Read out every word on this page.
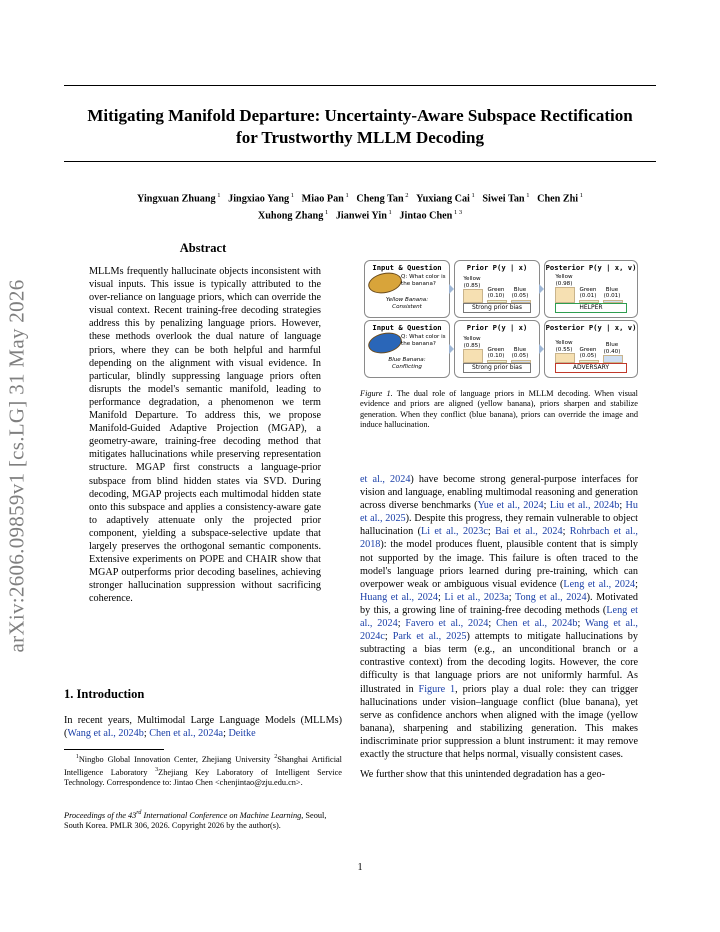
arXiv:2606.09859v1 [cs.LG] 31 May 2026
Mitigating Manifold Departure: Uncertainty-Aware Subspace Rectification
for Trustworthy MLLM Decoding
Yingxuan Zhuang $^1$ Jingxiao Yang $^1$ Miao Pan $^1$ Cheng Tan $^2$ Yuxiang Cai $^1$ Siwei Tan $^1$ Chen Zhi $^1$
Xuhong Zhang $^1$ Jianwei Yin $^1$ Jintao Chen $^{1 3}$
Abstract
MLLMs frequently hallucinate objects inconsistent with visual inputs. This issue is typically attributed to the over-reliance on language priors, which can override the visual context. Recent training-free decoding strategies address this by penalizing language priors. However, these methods overlook the dual nature of language priors, where they can be both helpful and harmful depending on the alignment with visual evidence. In particular, blindly suppressing language priors often disrupts the model's semantic manifold, leading to performance degradation, a phenomenon we term Manifold Departure. To address this, we propose Manifold-Guided Adaptive Projection (MGAP), a geometry-aware, training-free decoding method that mitigates hallucinations while preserving representation structure. MGAP first constructs a language-prior subspace from blind hidden states via SVD. During decoding, MGAP projects each multimodal hidden state onto this subspace and applies a consistency-aware gate to adaptively attenuate only the projected prior component, yielding a subspace-selective update that largely preserves the orthogonal semantic components. Extensive experiments on POPE and CHAIR show that MGAP outperforms prior decoding baselines, achieving stronger hallucination suppression without sacrificing coherence.
1. Introduction
In recent years, Multimodal Large Language Models (MLLMs) (Wang et al., 2024b; Chen et al., 2024a; Deitke
$^1$Ningbo Global Innovation Center, Zhejiang University $^2$Shanghai Artificial Intelligence Laboratory $^3$Zhejiang Key Laboratory of Intelligent Service Technology. Correspondence to: Jintao Chen <chenjintao@zju.edu.cn>.
Proceedings of the 43rd International Conference on Machine Learning, Seoul, South Korea. PMLR 306, 2026. Copyright 2026 by the author(s).
Input & Question
Q: What color is the banana?
Yellow Banana:
Consistent
Prior P(y | x)
Yellow
(0.85)
Green
(0.10)
Blue
(0.05)
Strong prior bias
Posterior P(y | x, v)
Yellow
(0.98)
Green
(0.01)
Blue
(0.01)
HELPER
Input & Question
Q: What color is the banana?
Blue Banana:
Conflicting
Prior P(y | x)
Yellow
(0.85)
Green
(0.10)
Blue
(0.05)
Strong prior bias
Posterior P(y | x, v)
Yellow
(0.55)	Green
(0.05)
Blue
(0.40)
ADVERSARY
Figure 1. The dual role of language priors in MLLM decoding. When visual evidence and priors are aligned (yellow banana), priors sharpen and stabilize generation. When they conflict (blue banana), priors can override the image and induce hallucination.

et al., 2024) have become strong general-purpose interfaces for vision and language, enabling multimodal reasoning and generation across diverse benchmarks (Yue et al., 2024; Liu et al., 2024b; Hu et al., 2025). Despite this progress, they remain vulnerable to object hallucination (Li et al., 2023c; Bai et al., 2024; Rohrbach et al., 2018): the model produces fluent, plausible content that is simply not supported by the image. This failure is often traced to the model's language priors learned during pre-training, which can overpower weak or ambiguous visual evidence (Leng et al., 2024; Huang et al., 2024; Li et al., 2023a; Tong et al., 2024). Motivated by this, a growing line of training-free decoding methods (Leng et al., 2024; Favero et al., 2024; Chen et al., 2024b; Wang et al., 2024c; Park et al., 2025) attempts to mitigate hallucinations by subtracting a bias term (e.g., an unconditional branch or a contrastive context) from the decoding logits. However, the core difficulty is that language priors are not uniformly harmful. As illustrated in Figure 1, priors play a dual role: they can trigger hallucinations under vision–language conflict (blue banana), yet serve as confidence anchors when aligned with the image (yellow banana), sharpening and stabilizing generation. This makes indiscriminate prior suppression a blunt instrument: it may remove exactly the structure that helps normal, visually consistent cases.

We further show that this unintended degradation has a geo-

1
